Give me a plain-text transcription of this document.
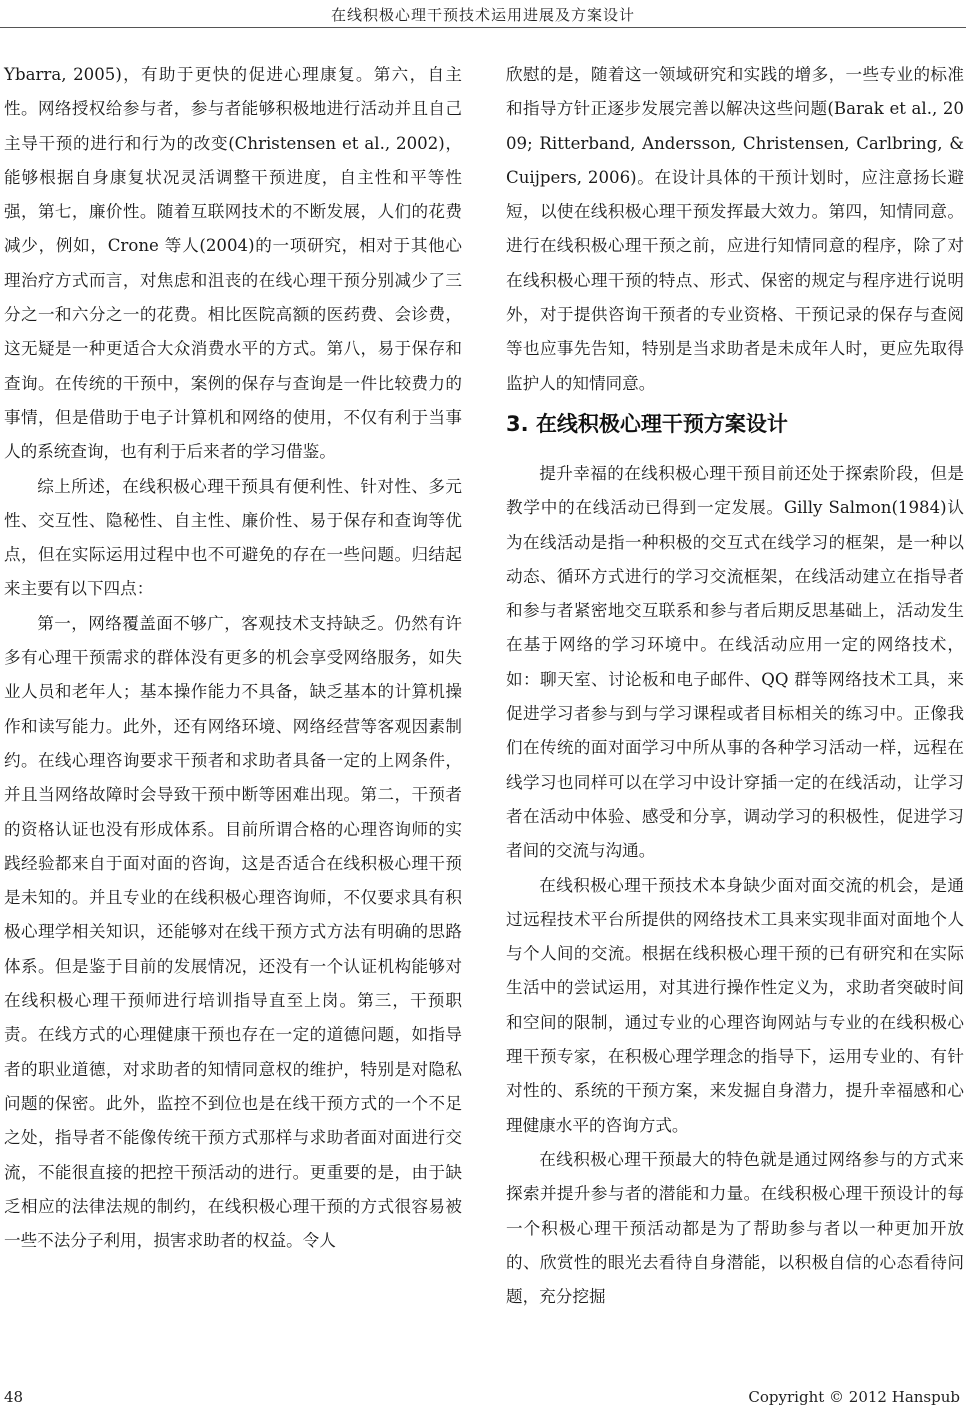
在线积极心理干预技术运用进展及方案设计

Ybarra, 2005)，有助于更快的促进心理康复。第六，自主性。网络授权给参与者，参与者能够积极地进行活动并且自己主导干预的进行和行为的改变(Christensen et al., 2002)，能够根据自身康复状况灵活调整干预进度，自主性和平等性强，第七，廉价性。随着互联网技术的不断发展，人们的花费减少，例如，Crone 等人(2004)的一项研究，相对于其他心理治疗方式而言，对焦虑和沮丧的在线心理干预分别减少了三分之一和六分之一的花费。相比医院高额的医药费、会诊费，这无疑是一种更适合大众消费水平的方式。第八，易于保存和查询。在传统的干预中，案例的保存与查询是一件比较费力的事情，但是借助于电子计算机和网络的使用，不仅有利于当事人的系统查询，也有利于后来者的学习借鉴。

综上所述，在线积极心理干预具有便利性、针对性、多元性、交互性、隐秘性、自主性、廉价性、易于保存和查询等优点，但在实际运用过程中也不可避免的存在一些问题。归结起来主要有以下四点：

第一，网络覆盖面不够广，客观技术支持缺乏。仍然有许多有心理干预需求的群体没有更多的机会享受网络服务，如失业人员和老年人；基本操作能力不具备，缺乏基本的计算机操作和读写能力。此外，还有网络环境、网络经营等客观因素制约。在线心理咨询要求干预者和求助者具备一定的上网条件，并且当网络故障时会导致干预中断等困难出现。第二，干预者的资格认证也没有形成体系。目前所谓合格的心理咨询师的实践经验都来自于面对面的咨询，这是否适合在线积极心理干预是未知的。并且专业的在线积极心理咨询师，不仅要求具有积极心理学相关知识，还能够对在线干预方式方法有明确的思路体系。但是鉴于目前的发展情况，还没有一个认证机构能够对在线积极心理干预师进行培训指导直至上岗。第三，干预职责。在线方式的心理健康干预也存在一定的道德问题，如指导者的职业道德，对求助者的知情同意权的维护，特别是对隐私问题的保密。此外，监控不到位也是在线干预方式的一个不足之处，指导者不能像传统干预方式那样与求助者面对面进行交流，不能很直接的把控干预活动的进行。更重要的是，由于缺乏相应的法律法规的制约，在线积极心理干预的方式很容易被一些不法分子利用，损害求助者的权益。令人

欣慰的是，随着这一领域研究和实践的增多，一些专业的标准和指导方针正逐步发展完善以解决这些问题(Barak et al., 2009; Ritterband, Andersson, Christensen, Carlbring, & Cuijpers, 2006)。在设计具体的干预计划时，应注意扬长避短，以使在线积极心理干预发挥最大效力。第四，知情同意。进行在线积极心理干预之前，应进行知情同意的程序，除了对在线积极心理干预的特点、形式、保密的规定与程序进行说明外，对于提供咨询干预者的专业资格、干预记录的保存与查阅等也应事先告知，特别是当求助者是未成年人时，更应先取得监护人的知情同意。

3. 在线积极心理干预方案设计

提升幸福的在线积极心理干预目前还处于探索阶段，但是教学中的在线活动已得到一定发展。Gilly Salmon(1984)认为在线活动是指一种积极的交互式在线学习的框架，是一种以动态、循环方式进行的学习交流框架，在线活动建立在指导者和参与者紧密地交互联系和参与者后期反思基础上，活动发生在基于网络的学习环境中。在线活动应用一定的网络技术，如：聊天室、讨论板和电子邮件、QQ 群等网络技术工具，来促进学习者参与到与学习课程或者目标相关的练习中。正像我们在传统的面对面学习中所从事的各种学习活动一样，远程在线学习也同样可以在学习中设计穿插一定的在线活动，让学习者在活动中体验、感受和分享，调动学习的积极性，促进学习者间的交流与沟通。

在线积极心理干预技术本身缺少面对面交流的机会，是通过远程技术平台所提供的网络技术工具来实现非面对面地个人与个人间的交流。根据在线积极心理干预的已有研究和在实际生活中的尝试运用，对其进行操作性定义为，求助者突破时间和空间的限制，通过专业的心理咨询网站与专业的在线积极心理干预专家，在积极心理学理念的指导下，运用专业的、有针对性的、系统的干预方案，来发掘自身潜力，提升幸福感和心理健康水平的咨询方式。

在线积极心理干预最大的特色就是通过网络参与的方式来探索并提升参与者的潜能和力量。在线积极心理干预设计的每一个积极心理干预活动都是为了帮助参与者以一种更加开放的、欣赏性的眼光去看待自身潜能，以积极自信的心态看待问题，充分挖掘

48	Copyright © 2012 Hanspub
